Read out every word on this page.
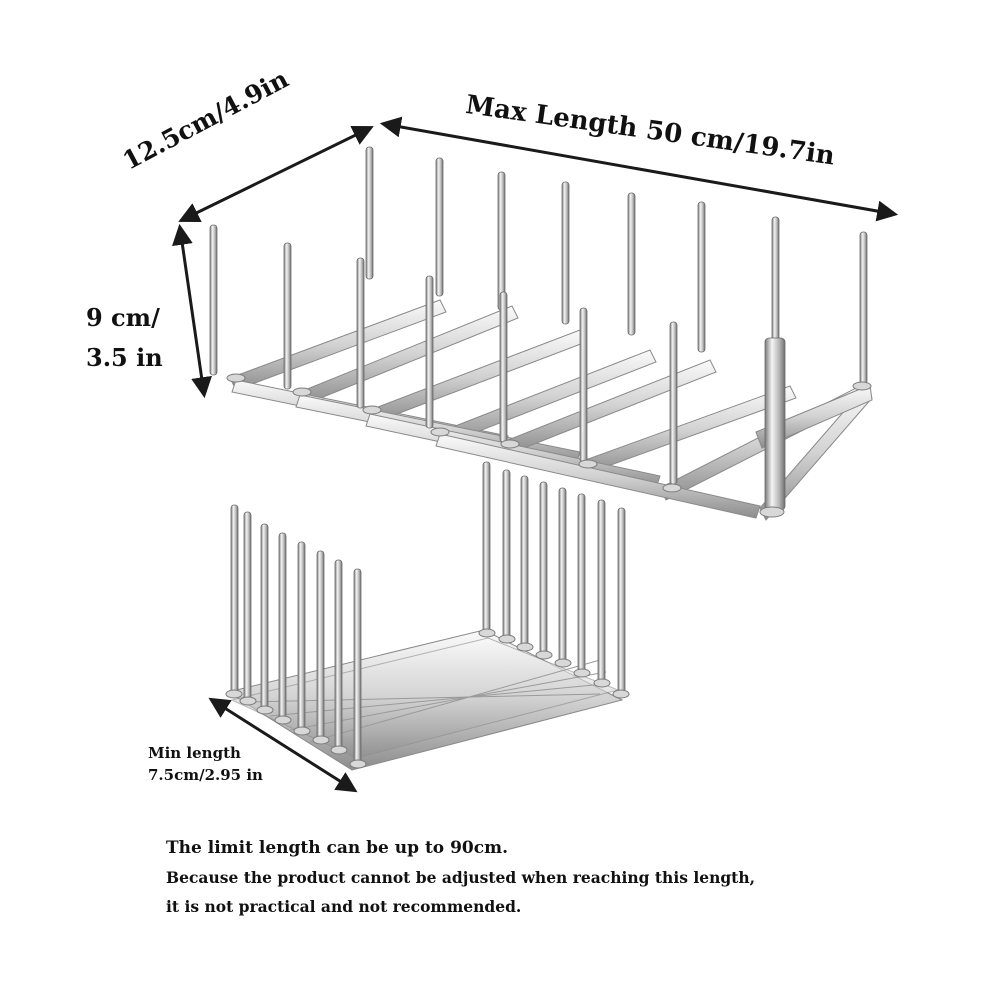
12.5cm/4.9in	Max Length 50 cm/19.7in
9 cm/
3.5 in
Min length
7.5cm/2.95 in
The limit length can be up to 90cm.
Because the product cannot be adjusted when reaching this length,
it is not practical and not recommended.
